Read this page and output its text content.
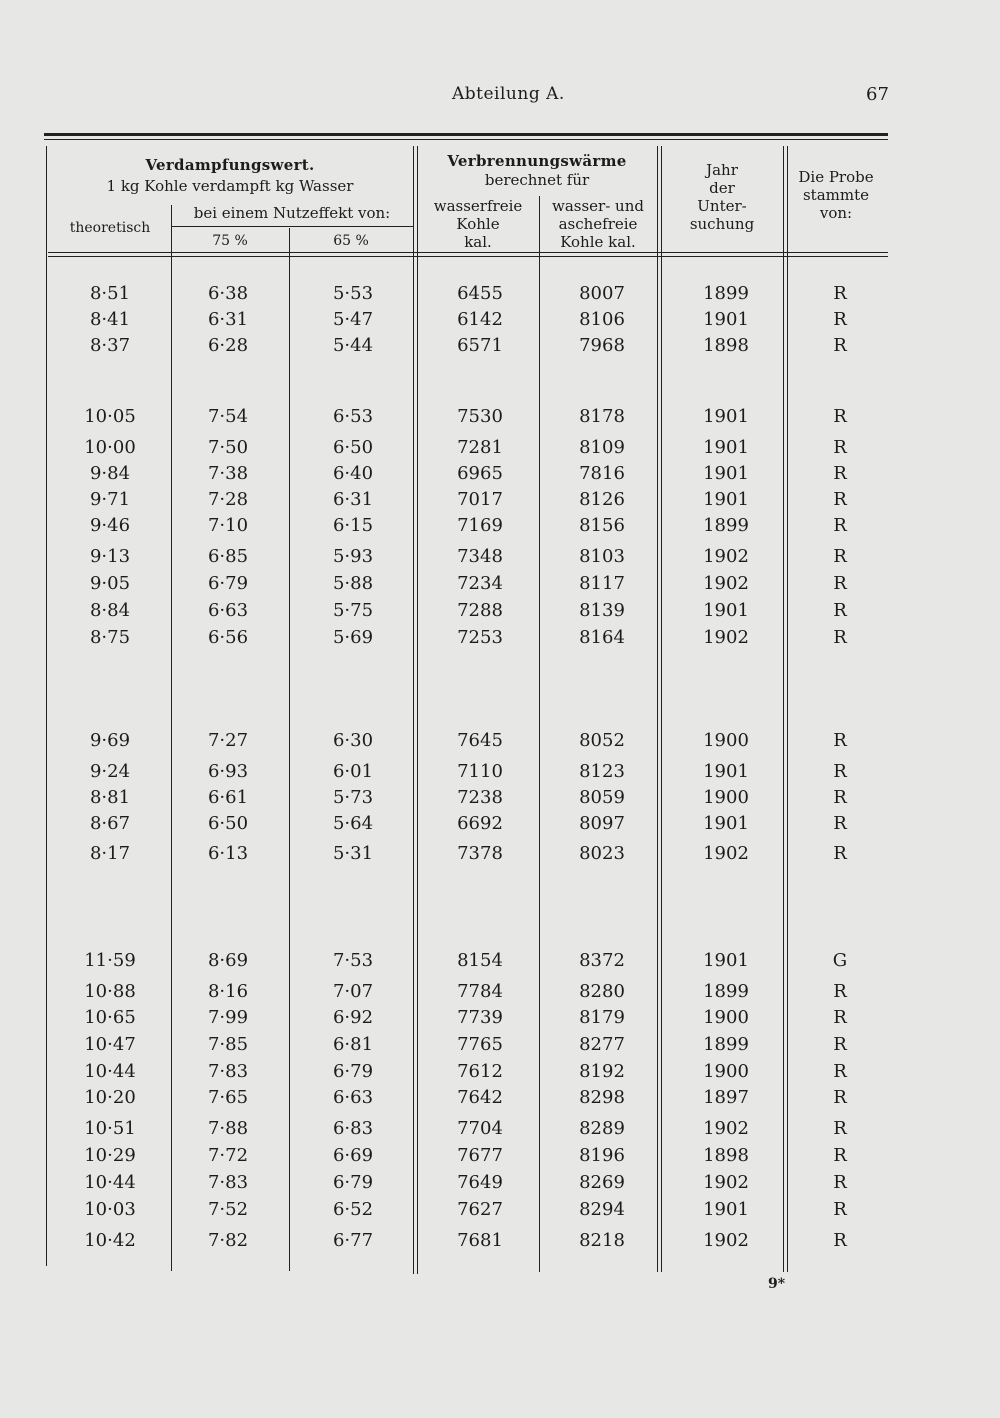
Abteilung A.	67
Verdampfungswert.
1 kg Kohle verdampft kg Wasser
theoretisch
bei einem Nutzeffekt von:
75 %	65 %
Verbrennungswärme
berechnet für
wasserfreie
Kohle
kal.
wasser- und
aschefreie
Kohle kal.
Jahr
der
Unter-
suchung
Die Probe
stammte
von:
8·51	6·38	5·53	6455	8007	1899	R
8·41	6·31	5·47	6142	8106	1901	R
8·37	6·28	5·44	6571	7968	1898	R
10·05	7·54	6·53	7530	8178	1901	R
10·00	7·50	6·50	7281	8109	1901	R
9·84	7·38	6·40	6965	7816	1901	R
9·71	7·28	6·31	7017	8126	1901	R
9·46	7·10	6·15	7169	8156	1899	R
9·13	6·85	5·93	7348	8103	1902	R
9·05	6·79	5·88	7234	8117	1902	R
8·84	6·63	5·75	7288	8139	1901	R
8·75	6·56	5·69	7253	8164	1902	R
9·69	7·27	6·30	7645	8052	1900	R
9·24	6·93	6·01	7110	8123	1901	R
8·81	6·61	5·73	7238	8059	1900	R
8·67	6·50	5·64	6692	8097	1901	R
8·17	6·13	5·31	7378	8023	1902	R
11·59	8·69	7·53	8154	8372	1901	G
10·88	8·16	7·07	7784	8280	1899	R
10·65	7·99	6·92	7739	8179	1900	R
10·47	7·85	6·81	7765	8277	1899	R
10·44	7·83	6·79	7612	8192	1900	R
10·20	7·65	6·63	7642	8298	1897	R
10·51	7·88	6·83	7704	8289	1902	R
10·29	7·72	6·69	7677	8196	1898	R
10·44	7·83	6·79	7649	8269	1902	R
10·03	7·52	6·52	7627	8294	1901	R
10·42	7·82	6·77	7681	8218	1902	R
9*
